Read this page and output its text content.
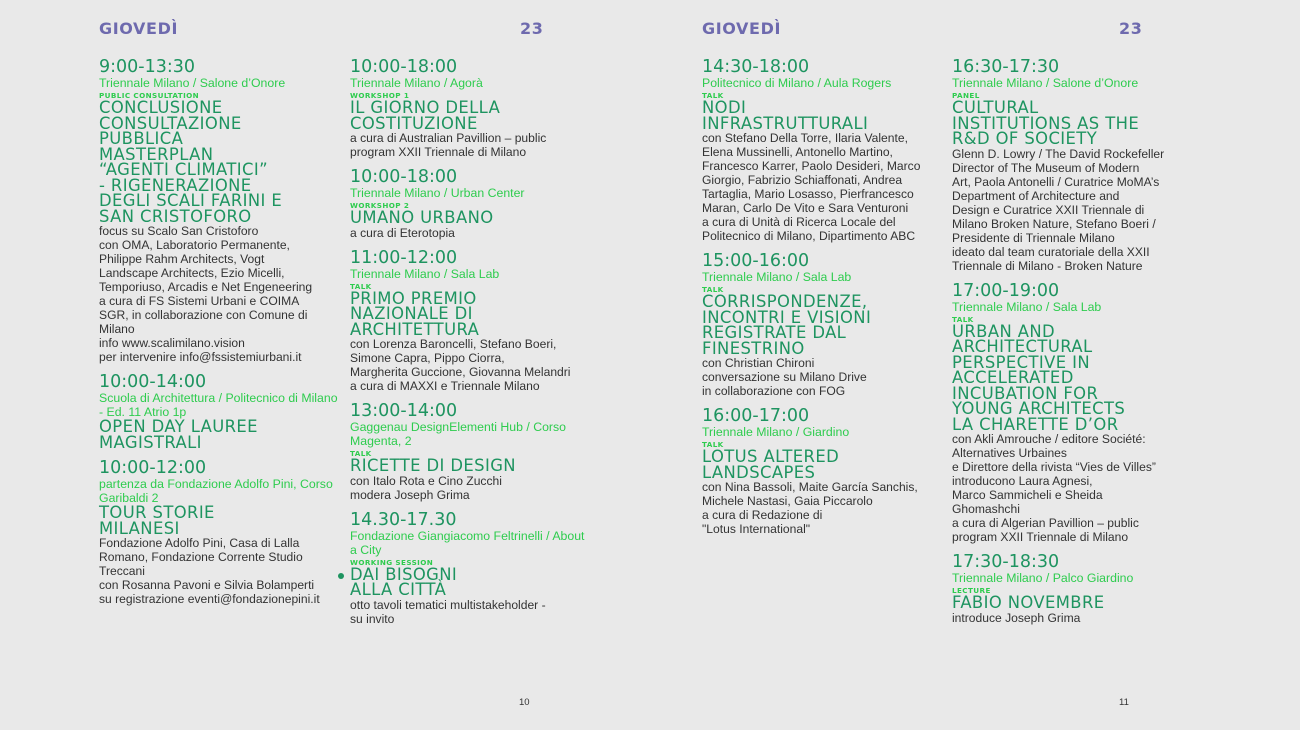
GIOVEDÌ	23
9:00-13:30
Triennale Milano / Salone d’Onore
PUBLIC CONSULTATION
CONCLUSIONE
CONSULTAZIONE
PUBBLICA
MASTERPLAN
“AGENTI CLIMATICI”
- RIGENERAZIONE
DEGLI SCALI FARINI E
SAN CRISTOFORO
focus su Scalo San Cristoforo
con OMA, Laboratorio Permanente,
Philippe Rahm Architects, Vogt
Landscape Architects, Ezio Micelli,
Temporiuso, Arcadis e Net Engeneering
a cura di FS Sistemi Urbani e COIMA
SGR, in collaborazione con Comune di
Milano
info www.scalimilano.vision
per intervenire info@fssistemiurbani.it
10:00-14:00
Scuola di Architettura / Politecnico di Milano - Ed. 11 Atrio 1p
OPEN DAY LAUREE
MAGISTRALI
10:00-12:00
partenza da Fondazione Adolfo Pini, Corso Garibaldi 2
TOUR STORIE
MILANESI
Fondazione Adolfo Pini, Casa di Lalla
Romano, Fondazione Corrente Studio
Treccani
con Rosanna Pavoni e Silvia Bolamperti
su registrazione eventi@fondazionepini.it
10:00-18:00
Triennale Milano / Agorà
WORKSHOP 1
IL GIORNO DELLA
COSTITUZIONE
a cura di Australian Pavillion – public
program XXII Triennale di Milano
10:00-18:00
Triennale Milano / Urban Center
WORKSHOP 2
UMANO URBANO
a cura di Eterotopia
11:00-12:00
Triennale Milano / Sala Lab
TALK
PRIMO PREMIO
NAZIONALE DI
ARCHITETTURA
con Lorenza Baroncelli, Stefano Boeri,
Simone Capra, Pippo Ciorra,
Margherita Guccione, Giovanna Melandri
a cura di MAXXI e Triennale Milano
13:00-14:00
Gaggenau DesignElementi Hub / Corso Magenta, 2
TALK
RICETTE DI DESIGN
con Italo Rota e Cino Zucchi
modera Joseph Grima
14.30-17.30
Fondazione Giangiacomo Feltrinelli / About a City
WORKING SESSION
DAI BISOGNI
ALLA CITTÀ
otto tavoli tematici multistakeholder -
su invito
10
GIOVEDÌ	23
14:30-18:00
Politecnico di Milano / Aula Rogers
TALK
NODI
INFRASTRUTTURALI
con Stefano Della Torre, Ilaria Valente,
Elena Mussinelli, Antonello Martino,
Francesco Karrer, Paolo Desideri, Marco
Giorgio, Fabrizio Schiaffonati, Andrea
Tartaglia, Mario Losasso, Pierfrancesco
Maran, Carlo De Vito e Sara Venturoni
a cura di Unità di Ricerca Locale del
Politecnico di Milano, Dipartimento ABC
15:00-16:00
Triennale Milano / Sala Lab
TALK
CORRISPONDENZE,
INCONTRI E VISIONI
REGISTRATE DAL
FINESTRINO
con Christian Chironi
conversazione su Milano Drive
in collaborazione con FOG
16:00-17:00
Triennale Milano / Giardino
TALK
LOTUS ALTERED
LANDSCAPES
con Nina Bassoli, Maite García Sanchis,
Michele Nastasi, Gaia Piccarolo
a cura di Redazione di
"Lotus International"
16:30-17:30
Triennale Milano / Salone d’Onore
PANEL
CULTURAL
INSTITUTIONS AS THE
R&D OF SOCIETY
Glenn D. Lowry / The David Rockefeller
Director of The Museum of Modern
Art, Paola Antonelli / Curatrice MoMA’s
Department of Architecture and
Design e Curatrice XXII Triennale di
Milano Broken Nature, Stefano Boeri /
Presidente di Triennale Milano
ideato dal team curatoriale della XXII
Triennale di Milano - Broken Nature
17:00-19:00
Triennale Milano / Sala Lab
TALK
URBAN AND
ARCHITECTURAL
PERSPECTIVE IN
ACCELERATED
INCUBATION FOR
YOUNG ARCHITECTS
LA CHARETTE D’OR
con Akli Amrouche / editore Société:
Alternatives Urbaines
e Direttore della rivista “Vies de Villes”
introducono Laura Agnesi,
Marco Sammicheli e Sheida
Ghomashchi
a cura di Algerian Pavillion – public
program XXII Triennale di Milano
17:30-18:30
Triennale Milano / Palco Giardino
LECTURE
FABIO NOVEMBRE
introduce Joseph Grima
11
